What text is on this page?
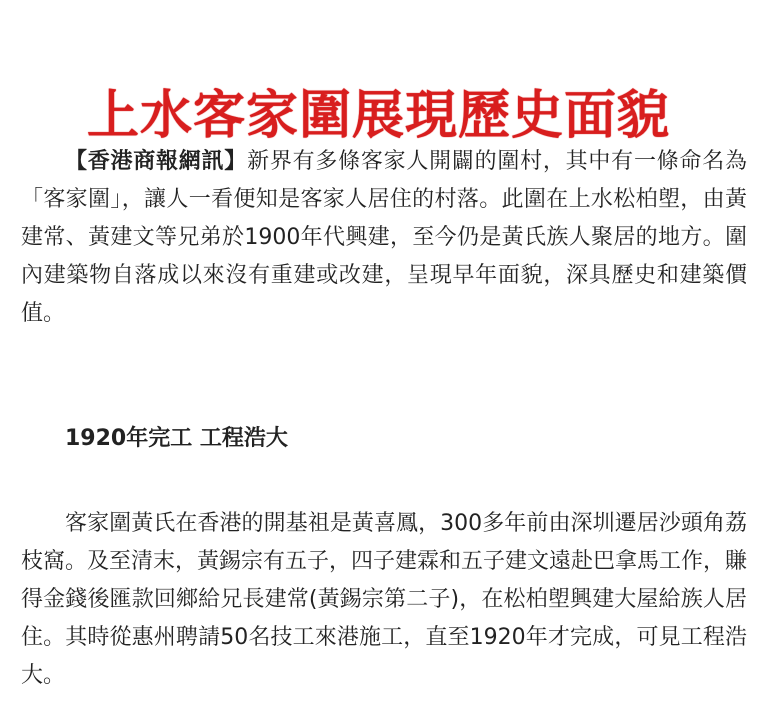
上水客家圍展現歷史面貌

【香港商報網訊】新界有多條客家人開闢的圍村，其中有一條命名為「客家圍」，讓人一看便知是客家人居住的村落。此圍在上水松柏塱，由黃建常、黃建文等兄弟於1900年代興建，至今仍是黃氏族人聚居的地方。圍內建築物自落成以來沒有重建或改建，呈現早年面貌，深具歷史和建築價值。

1920年完工 工程浩大

客家圍黃氏在香港的開基祖是黃喜鳳，300多年前由深圳遷居沙頭角荔枝窩。及至清末，黃錫宗有五子，四子建霖和五子建文遠赴巴拿馬工作，賺得金錢後匯款回鄉給兄長建常(黃錫宗第二子)，在松柏塱興建大屋給族人居住。其時從惠州聘請50名技工來港施工，直至1920年才完成，可見工程浩大。
